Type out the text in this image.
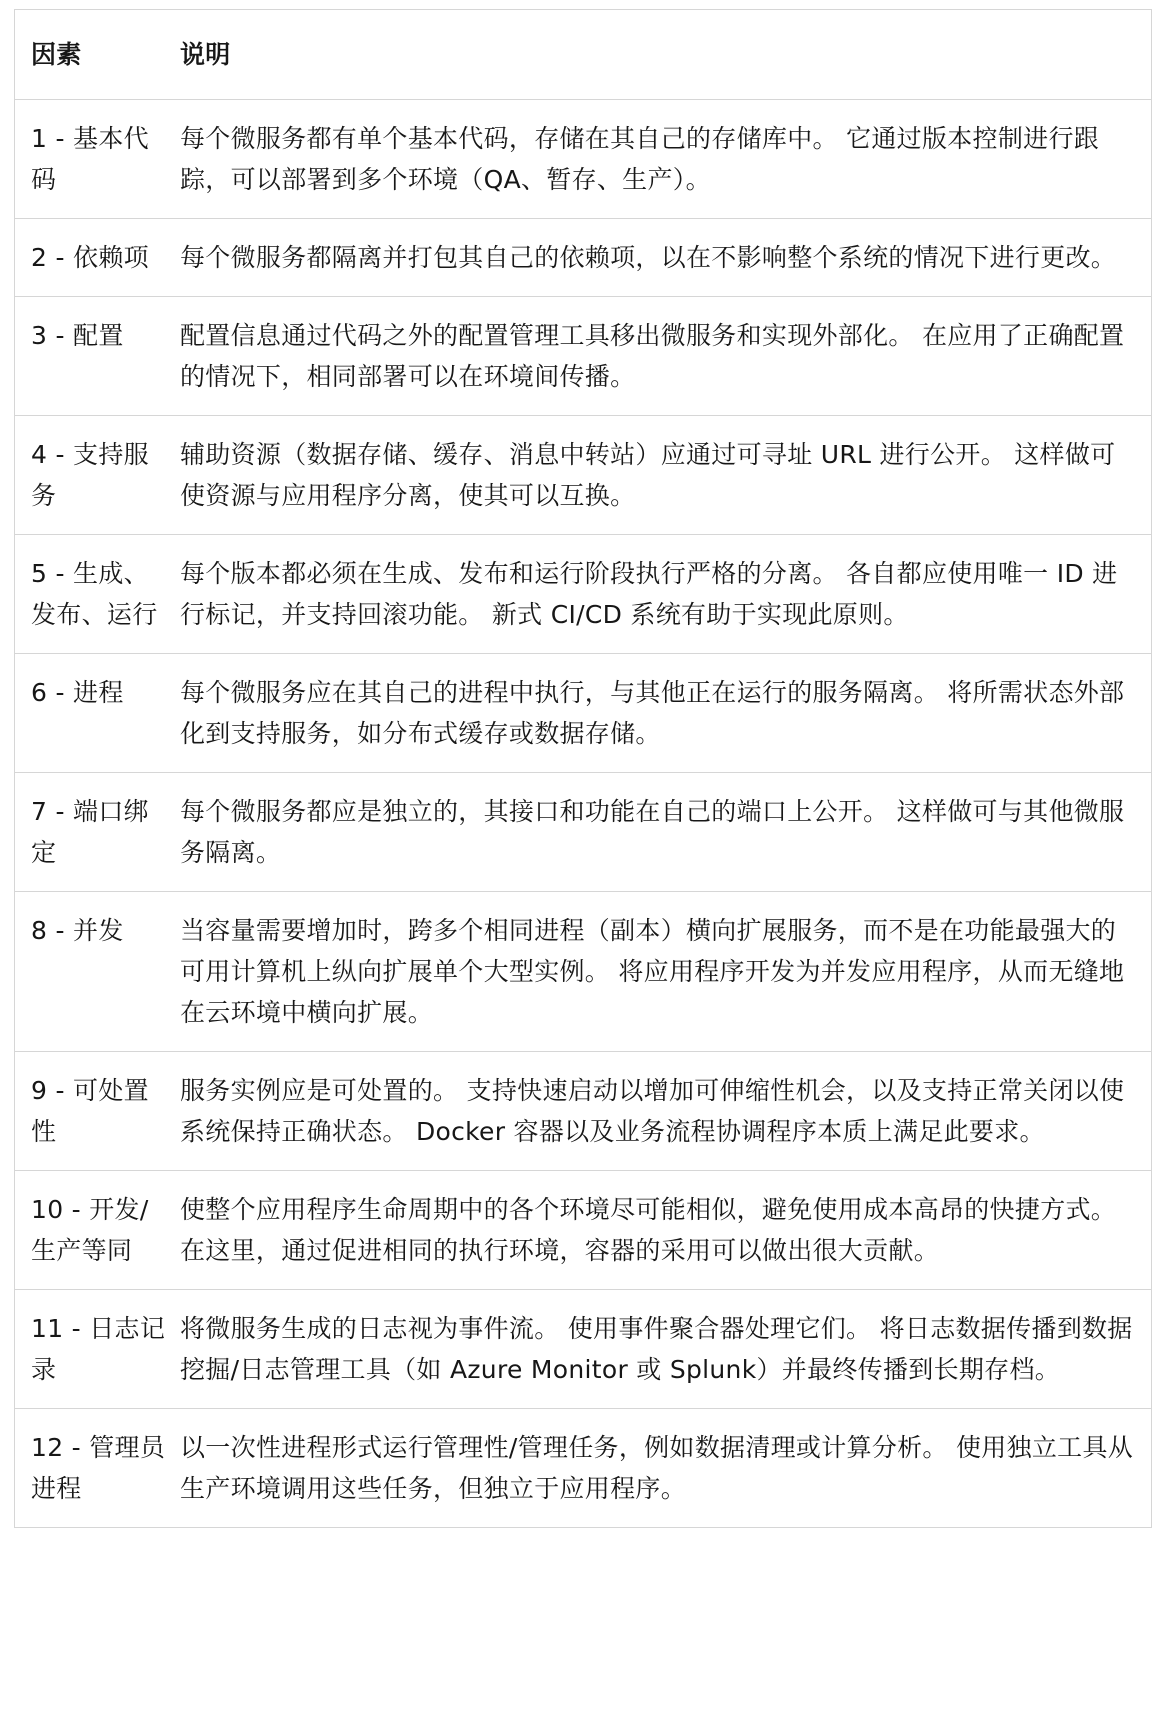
因素	说明
1 - 基本代码	每个微服务都有单个基本代码，存储在其自己的存储库中。 它通过版本控制进行跟踪，可以部署到多个环境（QA、暂存、生产）。
2 - 依赖项	每个微服务都隔离并打包其自己的依赖项，以在不影响整个系统的情况下进行更改。
3 - 配置	配置信息通过代码之外的配置管理工具移出微服务和实现外部化。 在应用了正确配置的情况下，相同部署可以在环境间传播。
4 - 支持服务	辅助资源（数据存储、缓存、消息中转站）应通过可寻址 URL 进行公开。 这样做可使资源与应用程序分离，使其可以互换。
5 - 生成、发布、运行	每个版本都必须在生成、发布和运行阶段执行严格的分离。 各自都应使用唯一 ID 进行标记，并支持回滚功能。 新式 CI/CD 系统有助于实现此原则。
6 - 进程	每个微服务应在其自己的进程中执行，与其他正在运行的服务隔离。 将所需状态外部化到支持服务，如分布式缓存或数据存储。
7 - 端口绑定	每个微服务都应是独立的，其接口和功能在自己的端口上公开。 这样做可与其他微服务隔离。
8 - 并发	当容量需要增加时，跨多个相同进程（副本）横向扩展服务，而不是在功能最强大的可用计算机上纵向扩展单个大型实例。 将应用程序开发为并发应用程序，从而无缝地在云环境中横向扩展。
9 - 可处置性	服务实例应是可处置的。 支持快速启动以增加可伸缩性机会，以及支持正常关闭以使系统保持正确状态。 Docker 容器以及业务流程协调程序本质上满足此要求。
10 - 开发/生产等同	使整个应用程序生命周期中的各个环境尽可能相似，避免使用成本高昂的快捷方式。 在这里，通过促进相同的执行环境，容器的采用可以做出很大贡献。
11 - 日志记录	将微服务生成的日志视为事件流。 使用事件聚合器处理它们。 将日志数据传播到数据挖掘/日志管理工具（如 Azure Monitor 或 Splunk）并最终传播到长期存档。
12 - 管理员进程	以一次性进程形式运行管理性/管理任务，例如数据清理或计算分析。 使用独立工具从生产环境调用这些任务，但独立于应用程序。
